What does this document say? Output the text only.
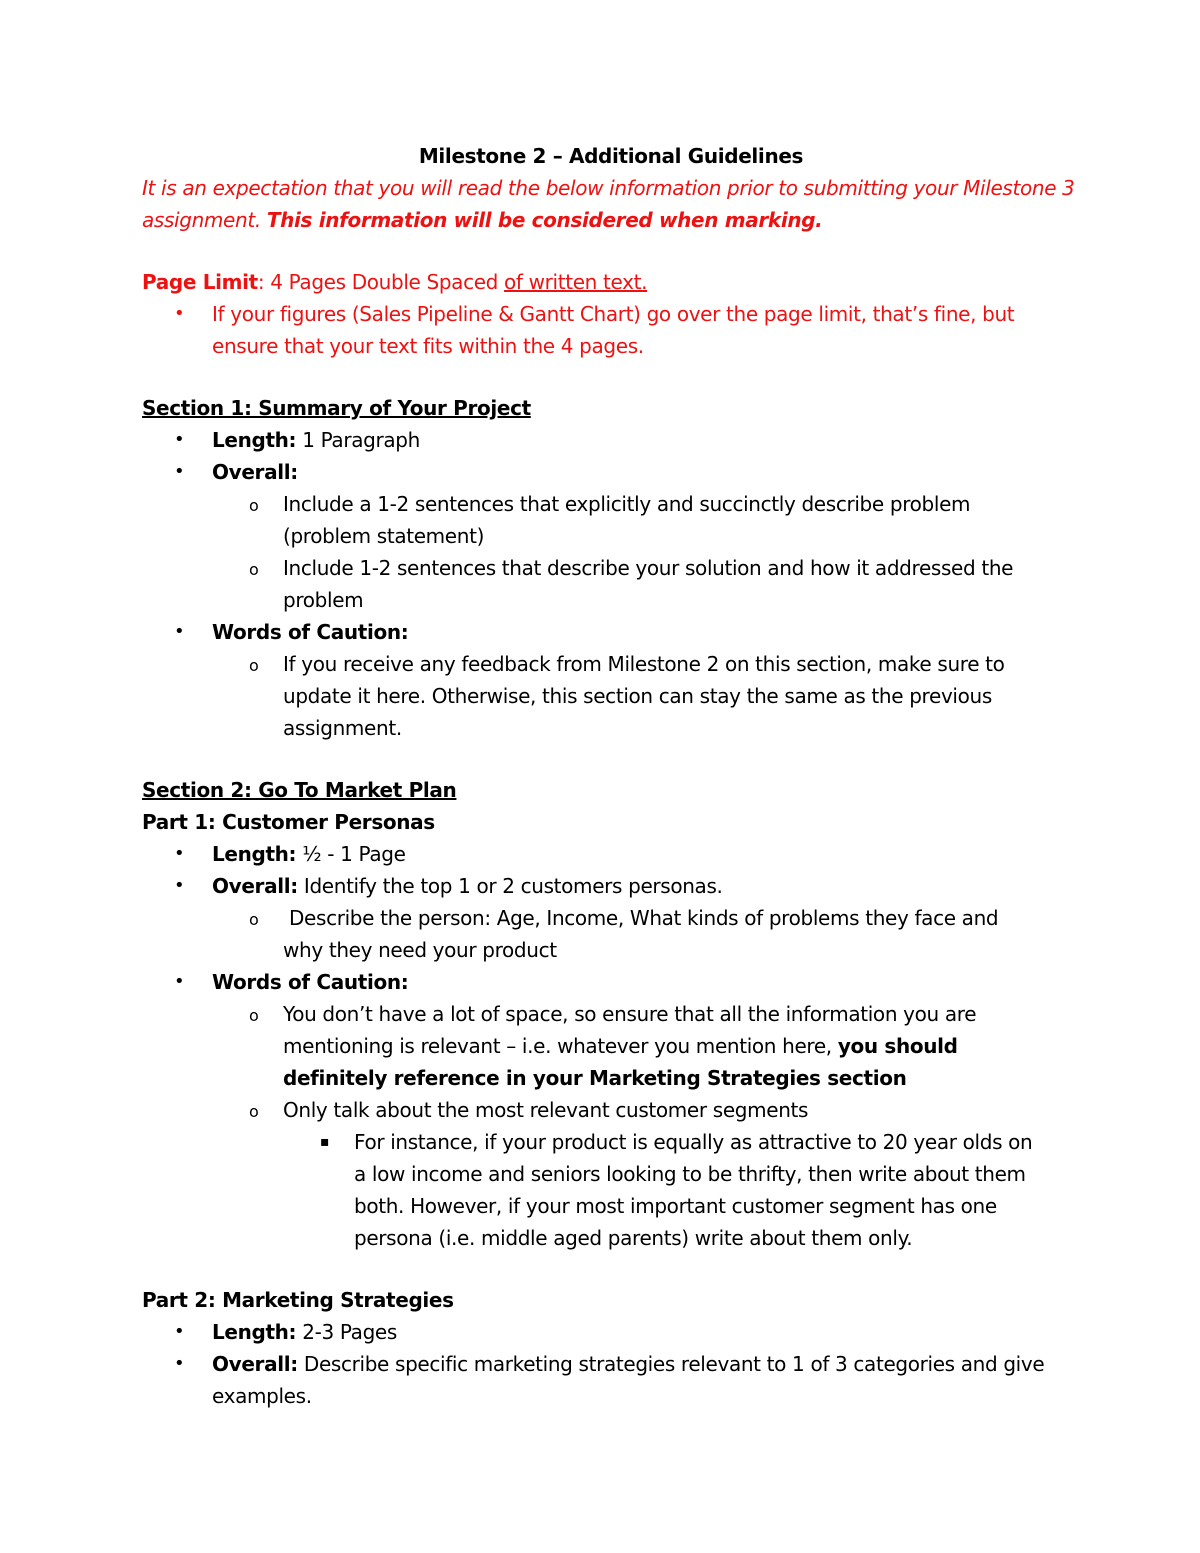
Milestone 2 – Additional Guidelines
It is an expectation that you will read the below information prior to submitting your Milestone 3
assignment. This information will be considered when marking.
Page Limit: 4 Pages Double Spaced of written text.
• If your figures (Sales Pipeline & Gantt Chart) go over the page limit, that’s fine, but
ensure that your text fits within the 4 pages.
Section 1: Summary of Your Project
• Length: 1 Paragraph
• Overall:
o Include a 1-2 sentences that explicitly and succinctly describe problem
(problem statement)
o Include 1-2 sentences that describe your solution and how it addressed the
problem
• Words of Caution:
o If you receive any feedback from Milestone 2 on this section, make sure to
update it here. Otherwise, this section can stay the same as the previous
assignment.
Section 2: Go To Market Plan
Part 1: Customer Personas
• Length: ½ - 1 Page
• Overall: Identify the top 1 or 2 customers personas.
o Describe the person: Age, Income, What kinds of problems they face and
why they need your product
• Words of Caution:
o You don’t have a lot of space, so ensure that all the information you are
mentioning is relevant – i.e. whatever you mention here, you should
definitely reference in your Marketing Strategies section
o Only talk about the most relevant customer segments
▪ For instance, if your product is equally as attractive to 20 year olds on
a low income and seniors looking to be thrifty, then write about them
both. However, if your most important customer segment has one
persona (i.e. middle aged parents) write about them only.
Part 2: Marketing Strategies
• Length: 2-3 Pages
• Overall: Describe specific marketing strategies relevant to 1 of 3 categories and give
examples.
